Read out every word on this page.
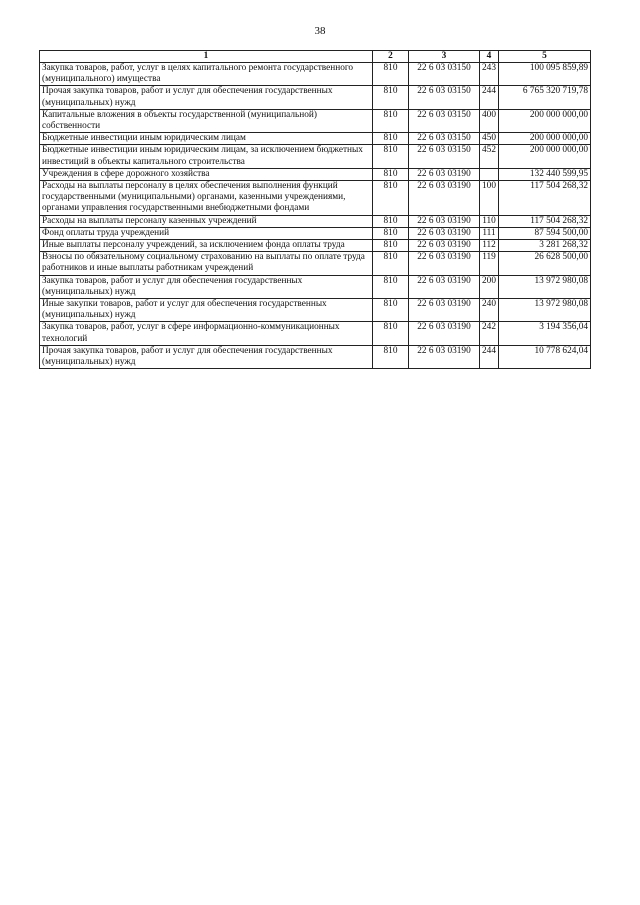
38
1	2	3	4	5
Закупка товаров, работ, услуг в целях капитального ремонта государственного (муниципального) имущества	810	22 6 03 03150	243	100 095 859,89
Прочая закупка товаров, работ и услуг для обеспечения государственных (муниципальных) нужд	810	22 6 03 03150	244	6 765 320 719,78
Капитальные вложения в объекты государственной (муниципальной) собственности	810	22 6 03 03150	400	200 000 000,00
Бюджетные инвестиции иным юридическим лицам	810	22 6 03 03150	450	200 000 000,00
Бюджетные инвестиции иным юридическим лицам, за исключением бюджетных инвестиций в объекты капитального строительства	810	22 6 03 03150	452	200 000 000,00
Учреждения в сфере дорожного хозяйства	810	22 6 03 03190		132 440 599,95
Расходы на выплаты персоналу в целях обеспечения выполнения функций государственными (муниципальными) органами, казенными учреждениями, органами управления государственными внебюджетными фондами	810	22 6 03 03190	100	117 504 268,32
Расходы на выплаты персоналу казенных учреждений	810	22 6 03 03190	110	117 504 268,32
Фонд оплаты труда учреждений	810	22 6 03 03190	111	87 594 500,00
Иные выплаты персоналу учреждений, за исключением фонда оплаты труда	810	22 6 03 03190	112	3 281 268,32
Взносы по обязательному социальному страхованию на выплаты по оплате труда работников и иные выплаты работникам учреждений	810	22 6 03 03190	119	26 628 500,00
Закупка товаров, работ и услуг для обеспечения государственных (муниципальных) нужд	810	22 6 03 03190	200	13 972 980,08
Иные закупки товаров, работ и услуг для обеспечения государственных (муниципальных) нужд	810	22 6 03 03190	240	13 972 980,08
Закупка товаров, работ, услуг в сфере информационно-коммуникационных технологий	810	22 6 03 03190	242	3 194 356,04
Прочая закупка товаров, работ и услуг для обеспечения государственных (муниципальных) нужд	810	22 6 03 03190	244	10 778 624,04
